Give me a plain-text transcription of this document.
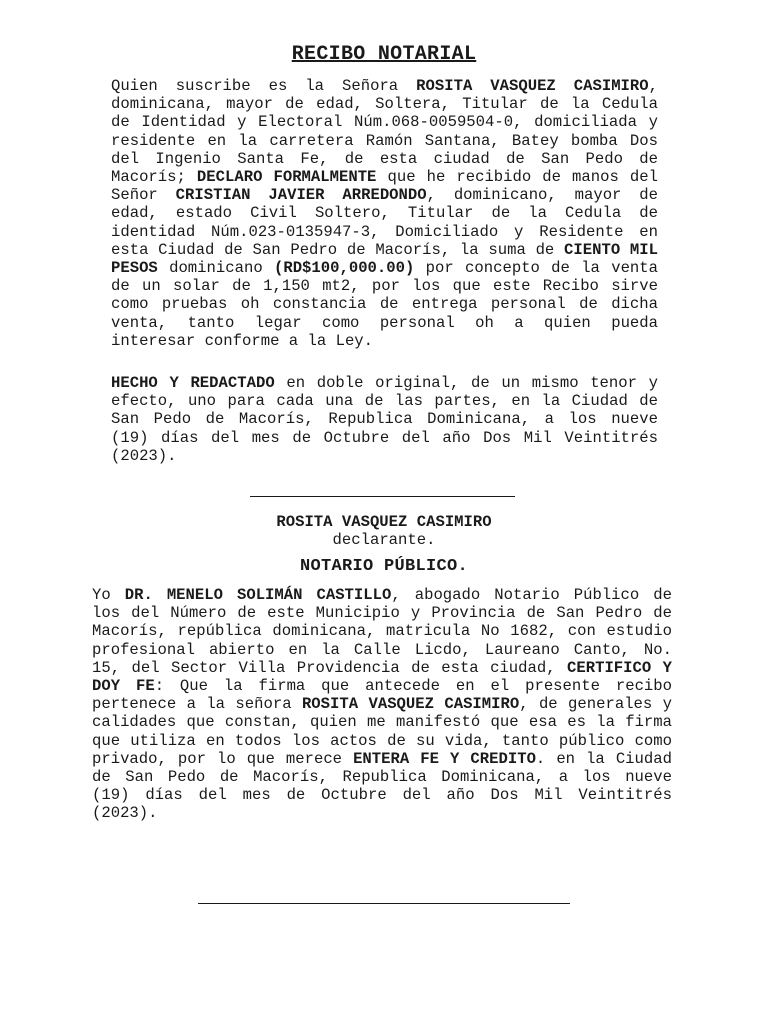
RECIBO NOTARIAL

Quien suscribe es la Señora ROSITA VASQUEZ CASIMIRO, dominicana, mayor de edad, Soltera, Titular de la Cedula de Identidad y Electoral Núm.068-0059504-0, domiciliada y residente en la carretera Ramón Santana, Batey bomba Dos del Ingenio Santa Fe, de esta ciudad de San Pedo de Macorís; DECLARO FORMALMENTE que he recibido de manos del Señor CRISTIAN JAVIER ARREDONDO, dominicano, mayor de edad, estado Civil Soltero, Titular de la Cedula de identidad Núm.023-0135947-3, Domiciliado y Residente en esta Ciudad de San Pedro de Macorís, la suma de CIENTO MIL PESOS dominicano (RD$100,000.00) por concepto de la venta de un solar de 1,150 mt2, por los que este Recibo sirve como pruebas oh constancia de entrega personal de dicha venta, tanto legar como personal oh a quien pueda interesar conforme a la Ley.

HECHO Y REDACTADO en doble original, de un mismo tenor y efecto, uno para cada una de las partes, en la Ciudad de San Pedo de Macorís, Republica Dominicana, a los nueve (19) días del mes de Octubre del año Dos Mil Veintitrés (2023).

ROSITA VASQUEZ CASIMIRO
declarante.
NOTARIO PÚBLICO.

Yo DR. MENELO SOLIMÁN CASTILLO, abogado Notario Público de los del Número de este Municipio y Provincia de San Pedro de Macorís, república dominicana, matricula No 1682, con estudio profesional abierto en la Calle Licdo, Laureano Canto, No. 15, del Sector Villa Providencia de esta ciudad, CERTIFICO Y DOY FE: Que la firma que antecede en el presente recibo pertenece a la señora ROSITA VASQUEZ CASIMIRO, de generales y calidades que constan, quien me manifestó que esa es la firma que utiliza en todos los actos de su vida, tanto público como privado, por lo que merece ENTERA FE Y CREDITO. en la Ciudad de San Pedo de Macorís, Republica Dominicana, a los nueve (19) días del mes de Octubre del año Dos Mil Veintitrés (2023).
